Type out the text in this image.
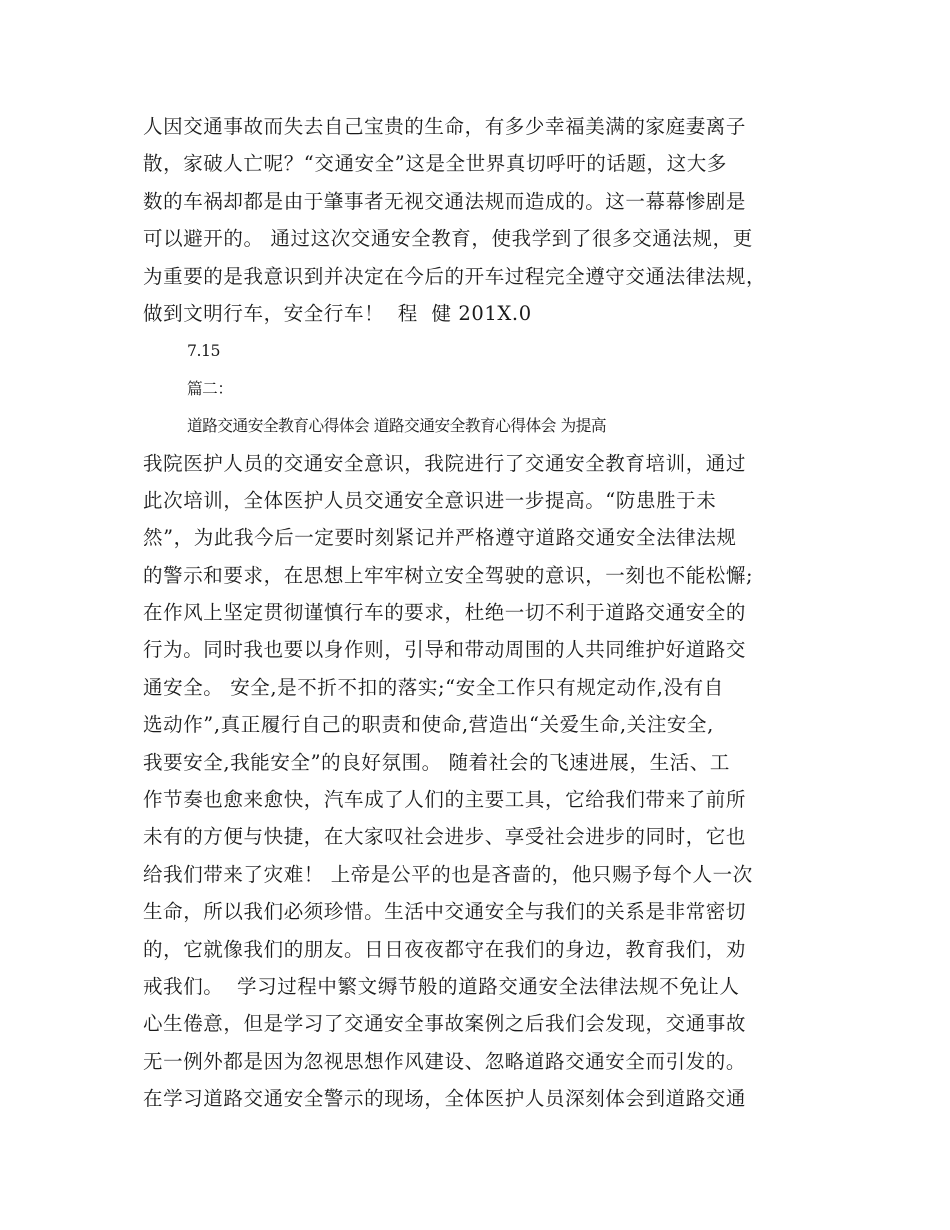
人因交通事故而失去自己宝贵的生命，有多少幸福美满的家庭妻离子
散，家破人亡呢？“交通安全”这是全世界真切呼吁的话题，这大多
数的车祸却都是由于肇事者无视交通法规而造成的。这一幕幕惨剧是
可以避开的。 通过这次交通安全教育，使我学到了很多交通法规，更
为重要的是我意识到并决定在今后的开车过程完全遵守交通法律法规，
做到文明行车，安全行车！  程  健 201X.0
7.15
篇二：
道路交通安全教育心得体会 道路交通安全教育心得体会 为提高
我院医护人员的交通安全意识，我院进行了交通安全教育培训，通过
此次培训，全体医护人员交通安全意识进一步提高。“防患胜于未
然”，为此我今后一定要时刻紧记并严格遵守道路交通安全法律法规
的警示和要求，在思想上牢牢树立安全驾驶的意识，一刻也不能松懈;
在作风上坚定贯彻谨慎行车的要求，杜绝一切不利于道路交通安全的
行为。同时我也要以身作则，引导和带动周围的人共同维护好道路交
通安全。 安全,是不折不扣的落实;“安全工作只有规定动作,没有自
选动作”,真正履行自己的职责和使命,营造出“关爱生命,关注安全,
我要安全,我能安全”的良好氛围。 随着社会的飞速进展，生活、工
作节奏也愈来愈快，汽车成了人们的主要工具，它给我们带来了前所
未有的方便与快捷，在大家叹社会进步、享受社会进步的同时，它也
给我们带来了灾难！ 上帝是公平的也是吝啬的，他只赐予每个人一次
生命，所以我们必须珍惜。生活中交通安全与我们的关系是非常密切
的，它就像我们的朋友。日日夜夜都守在我们的身边，教育我们，劝
戒我们。  学习过程中繁文缛节般的道路交通安全法律法规不免让人
心生倦意，但是学习了交通安全事故案例之后我们会发现，交通事故
无一例外都是因为忽视思想作风建设、忽略道路交通安全而引发的。
在学习道路交通安全警示的现场，全体医护人员深刻体会到道路交通
